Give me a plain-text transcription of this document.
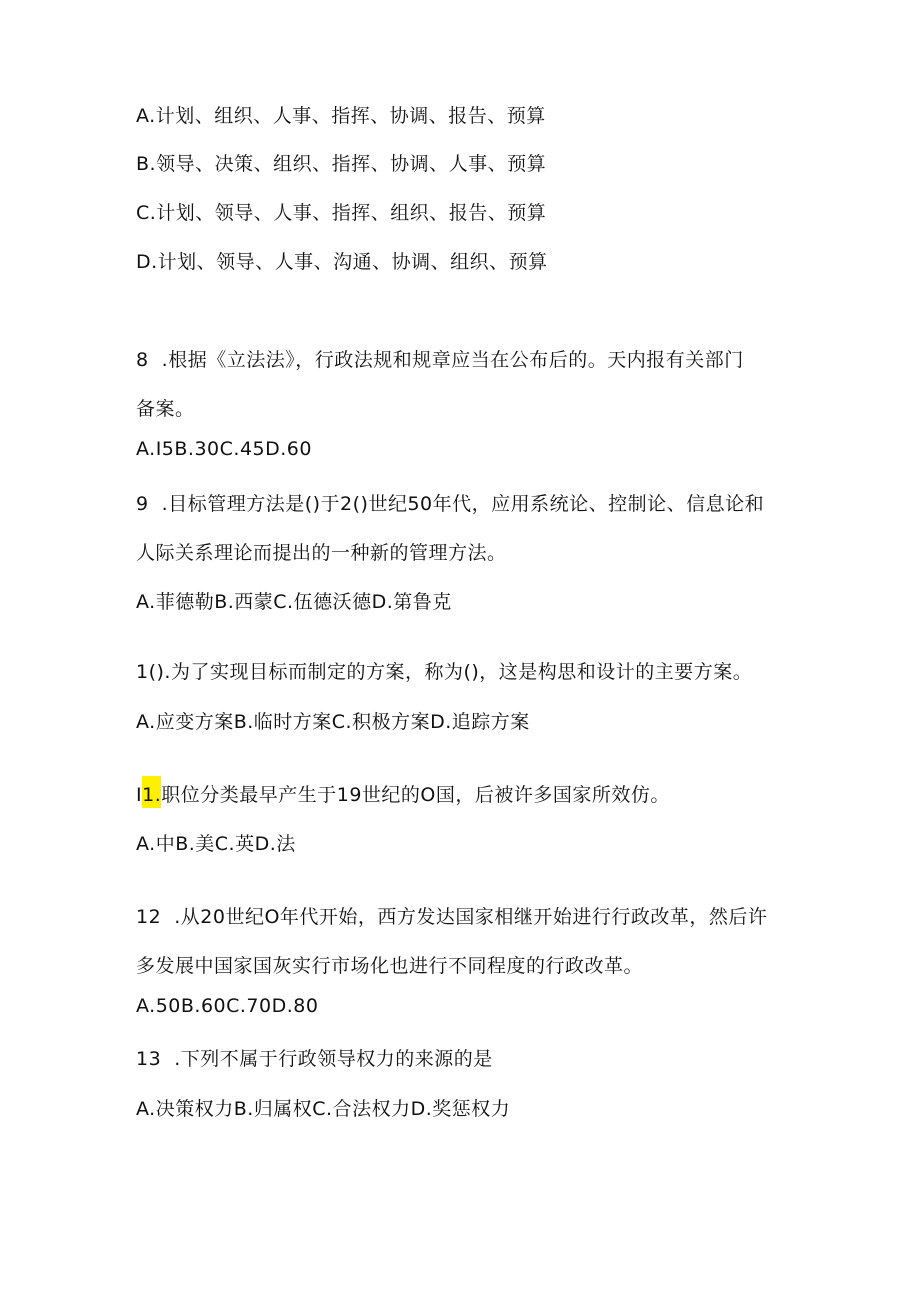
A.计划、组织、人事、指挥、协调、报告、预算
B.领导、决策、组织、指挥、协调、人事、预算
C.计划、领导、人事、指挥、组织、报告、预算
D.计划、领导、人事、沟通、协调、组织、预算
8  .根据《立法法》，行政法规和规章应当在公布后的。天内报有关部门
备案。
A.I5B.30C.45D.60
9  .目标管理方法是()于2()世纪50年代，应用系统论、控制论、信息论和
人际关系理论而提出的一种新的管理方法。
A.菲德勒B.西蒙C.伍德沃德D.第鲁克
1().为了实现目标而制定的方案，称为()，这是构思和设计的主要方案。
A.应变方案B.临时方案C.积极方案D.追踪方案
I1.职位分类最早产生于19世纪的O国，后被许多国家所效仿。
A.中B.美C.英D.法
12  .从20世纪O年代开始，西方发达国家相继开始进行行政改革，然后许
多发展中国家国灰实行市场化也进行不同程度的行政改革。
A.50B.60C.70D.80
13  .下列不属于行政领导权力的来源的是
A.决策权力B.归属权C.合法权力D.奖惩权力
